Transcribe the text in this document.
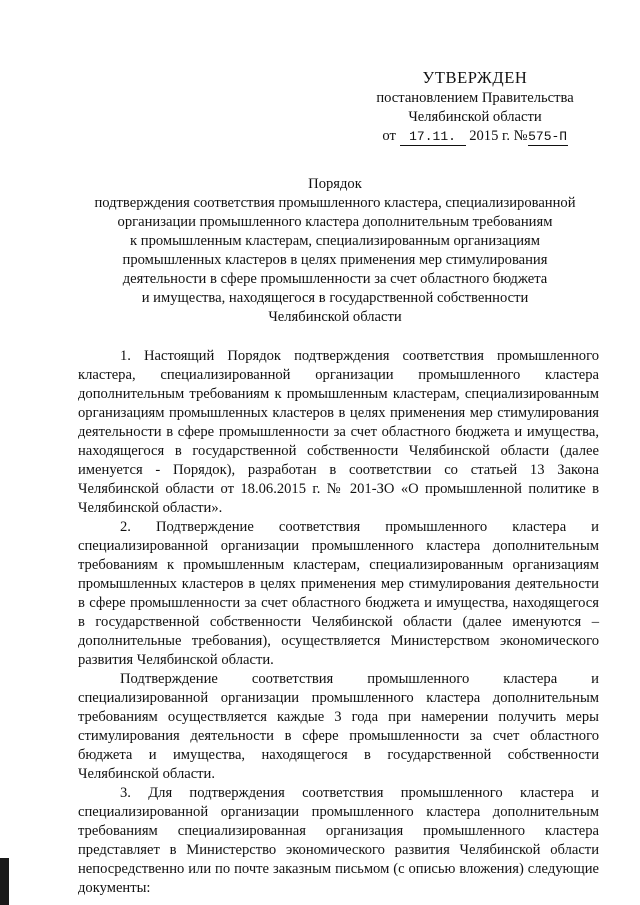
УТВЕРЖДЕН
постановлением Правительства
Челябинской области
от 17.11. 2015 г. №575-П
Порядок
подтверждения соответствия промышленного кластера, специализированной
организации промышленного кластера дополнительным требованиям
к промышленным кластерам, специализированным организациям
промышленных кластеров в целях применения мер стимулирования
деятельности в сфере промышленности за счет областного бюджета
и имущества, находящегося в государственной собственности
Челябинской области

1. Настоящий Порядок подтверждения соответствия промышленного кластера, специализированной организации промышленного кластера дополнительным требованиям к промышленным кластерам, специализированным организациям промышленных кластеров в целях применения мер стимулирования деятельности в сфере промышленности за счет областного бюджета и имущества, находящегося в государственной собственности Челябинской области (далее именуется - Порядок), разработан в соответствии со статьей 13 Закона Челябинской области от 18.06.2015 г. № 201-ЗО «О промышленной политике в Челябинской области».

2. Подтверждение соответствия промышленного кластера и специализированной организации промышленного кластера дополнительным требованиям к промышленным кластерам, специализированным организациям промышленных кластеров в целях применения мер стимулирования деятельности в сфере промышленности за счет областного бюджета и имущества, находящегося в государственной собственности Челябинской области (далее именуются – дополнительные требования), осуществляется Министерством экономического развития Челябинской области.

Подтверждение соответствия промышленного кластера и специализированной организации промышленного кластера дополнительным требованиям осуществляется каждые 3 года при намерении получить меры стимулирования деятельности в сфере промышленности за счет областного бюджета и имущества, находящегося в государственной собственности Челябинской области.

3. Для подтверждения соответствия промышленного кластера и специализированной организации промышленного кластера дополнительным требованиям специализированная организация промышленного кластера представляет в Министерство экономического развития Челябинской области непосредственно или по почте заказным письмом (с описью вложения) следующие документы:
